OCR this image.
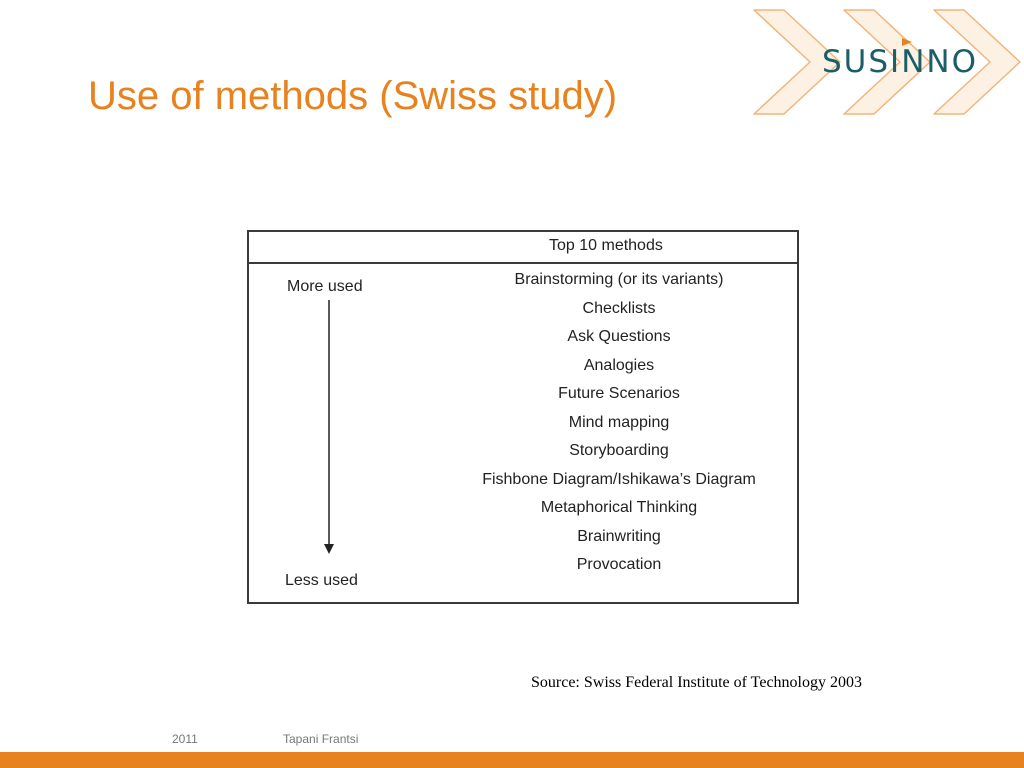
Use of methods (Swiss study)
SUSINNO
Top 10 methods
More used
Less used
Brainstorming (or its variants)
Checklists
Ask Questions
Analogies
Future Scenarios
Mind mapping
Storyboarding
Fishbone Diagram/Ishikawa’s Diagram
Metaphorical Thinking
Brainwriting
Provocation
Source: Swiss Federal Institute of Technology 2003
2011	Tapani Frantsi
